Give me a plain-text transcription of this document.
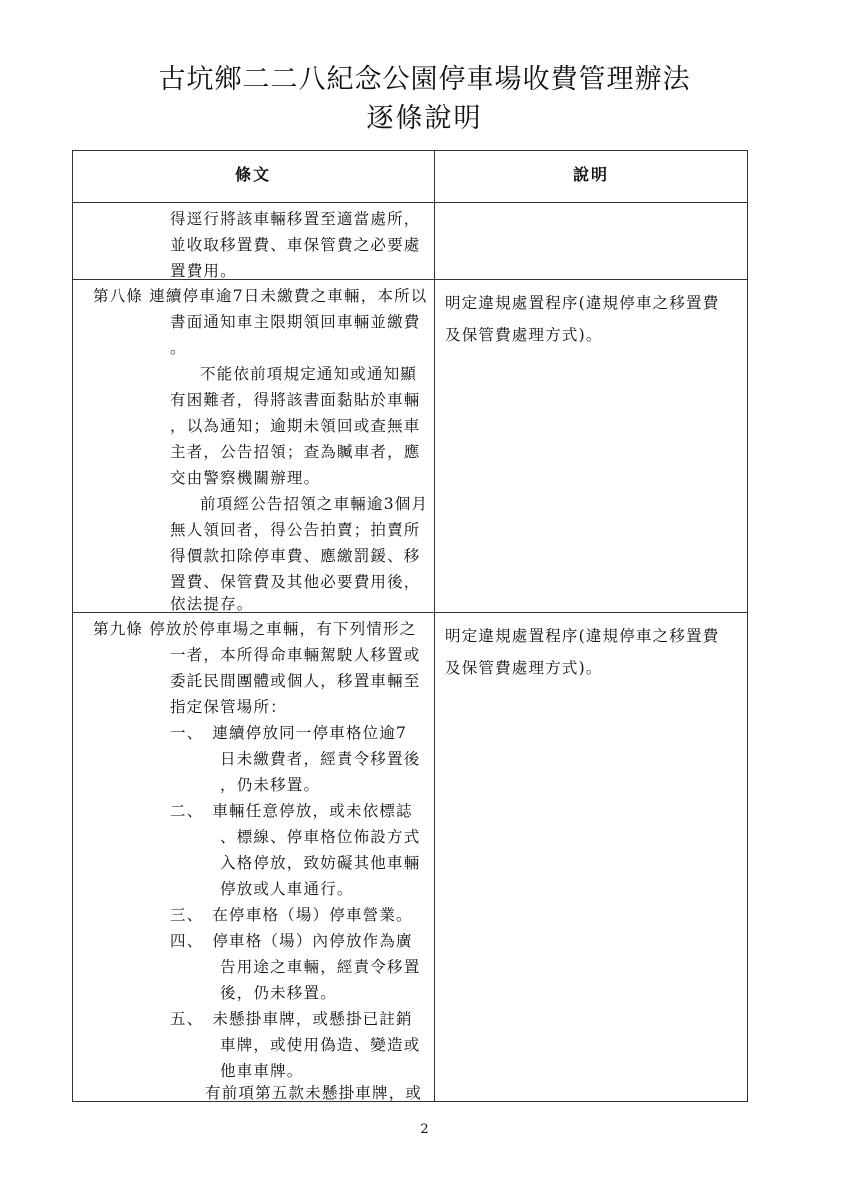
古坑鄉二二八紀念公園停車場收費管理辦法
逐條說明
條文	說明
得逕行將該車輛移置至適當處所，
並收取移置費、車保管費之必要處
置費用。
第八條 連續停車逾7日未繳費之車輛，本所以
書面通知車主限期領回車輛並繳費
。
不能依前項規定通知或通知顯
有困難者，得將該書面黏貼於車輛
，以為通知；逾期未領回或查無車
主者，公告招領；查為贓車者，應
交由警察機關辦理。
前項經公告招領之車輛逾3個月
無人領回者，得公告拍賣；拍賣所
得價款扣除停車費、應繳罰鍰、移
置費、保管費及其他必要費用後，
依法提存。
明定違規處置程序(違規停車之移置費
及保管費處理方式)。
第九條 停放於停車場之車輛，有下列情形之
一者，本所得命車輛駕駛人移置或
委託民間團體或個人，移置車輛至
指定保管場所：
一、　連續停放同一停車格位逾7
日未繳費者，經責令移置後
，仍未移置。
二、　車輛任意停放，或未依標誌
、標線、停車格位佈設方式
入格停放，致妨礙其他車輛
停放或人車通行。
三、　在停車格（場）停車營業。
四、　停車格（場）內停放作為廣
告用途之車輛，經責令移置
後，仍未移置。
五、　未懸掛車牌，或懸掛已註銷
車牌，或使用偽造、變造或
他車車牌。
有前項第五款未懸掛車牌，或
明定違規處置程序(違規停車之移置費
及保管費處理方式)。
2
